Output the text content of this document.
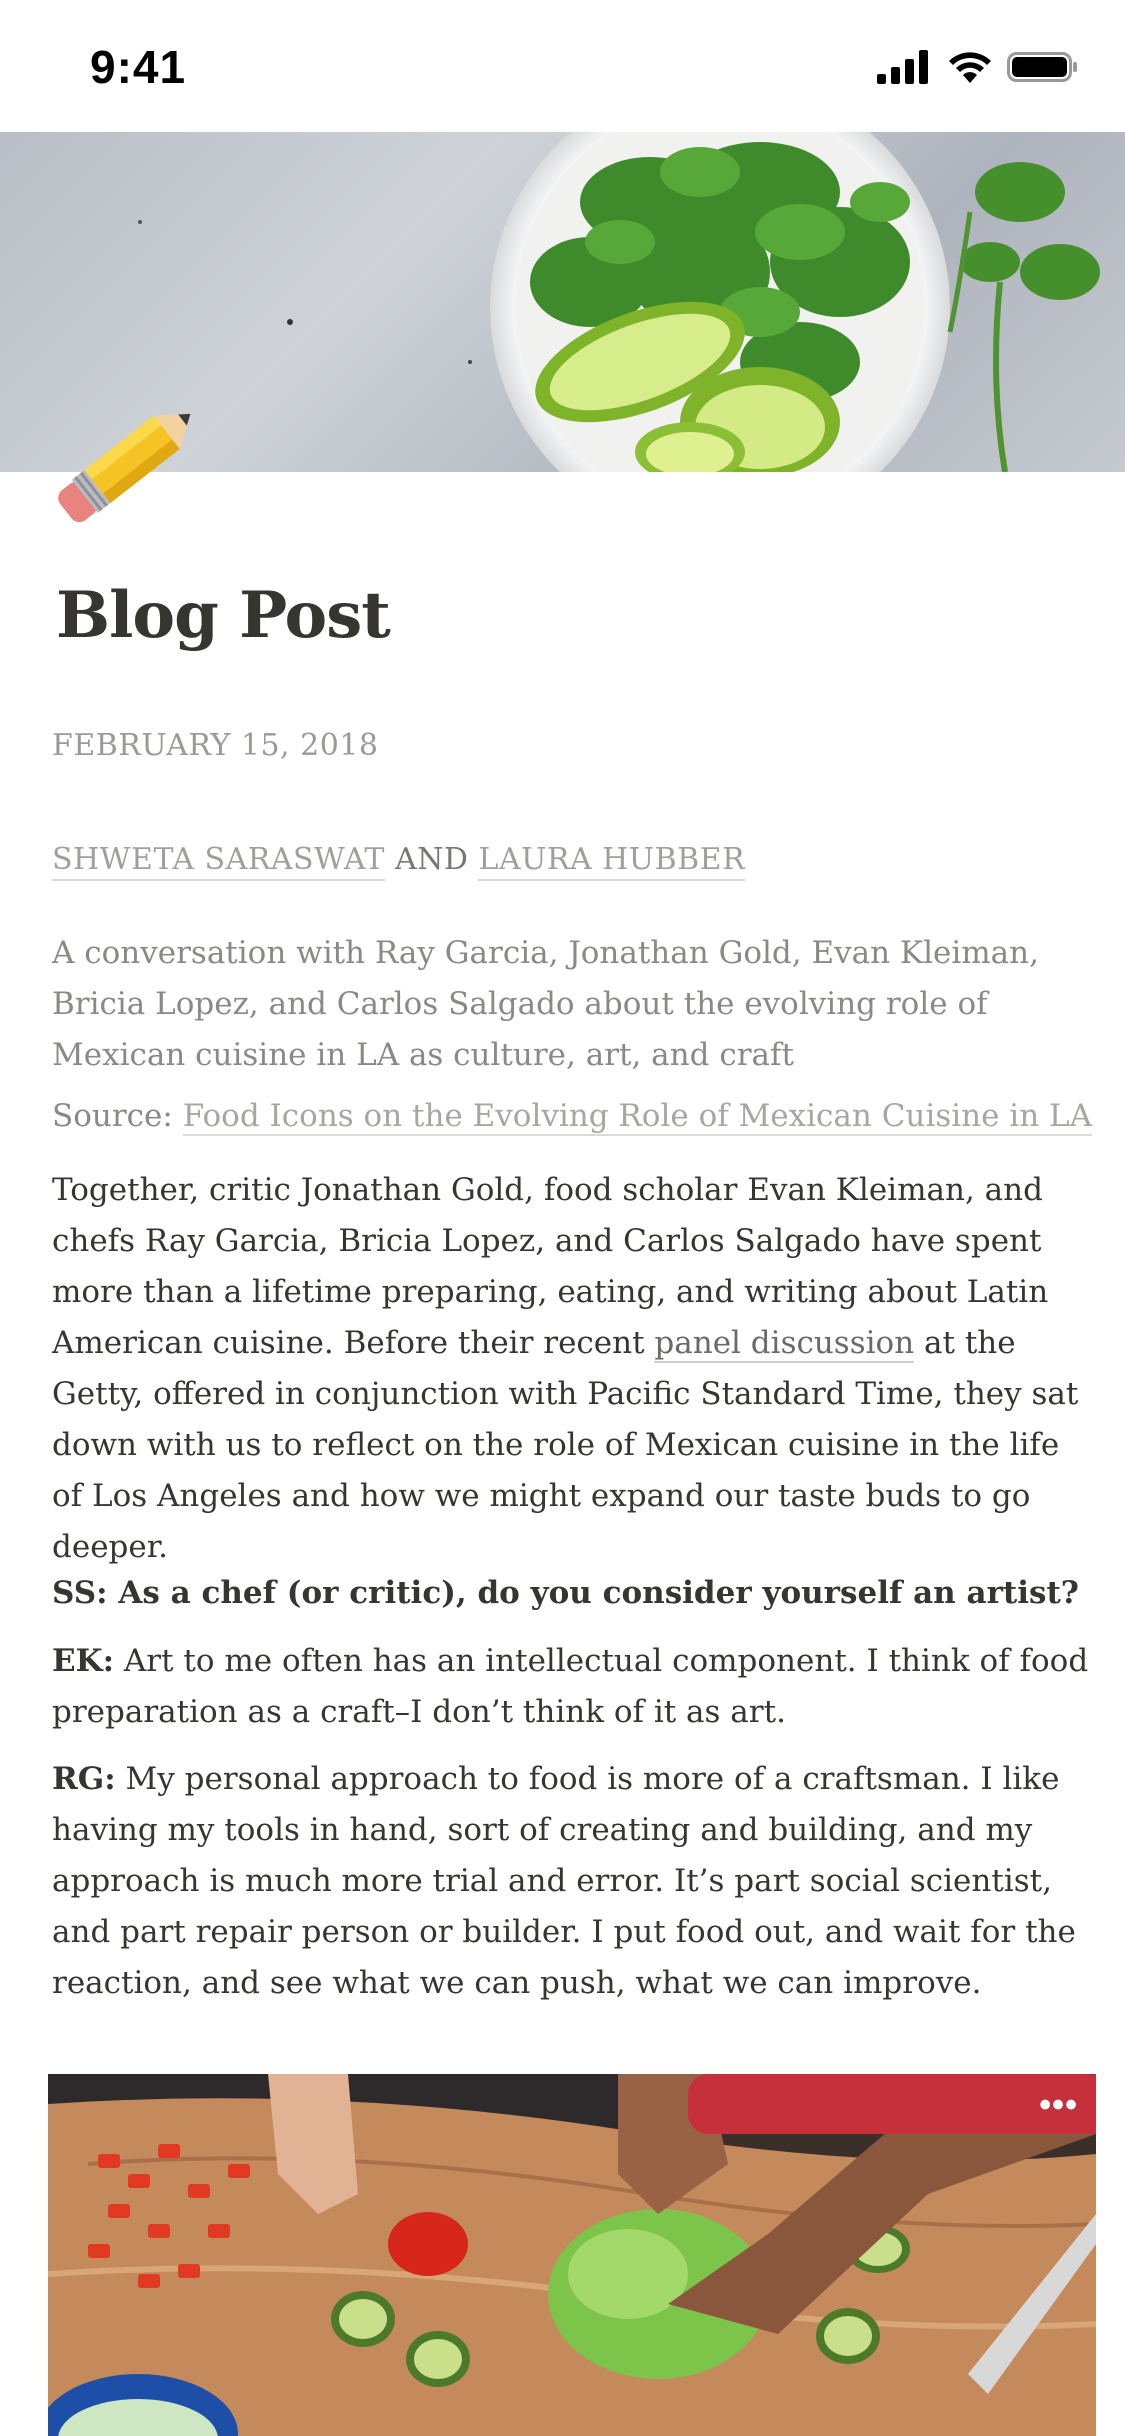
9:41
Blog Post
FEBRUARY 15, 2018
SHWETA SARASWAT AND LAURA HUBBER

A conversation with Ray Garcia, Jonathan Gold, Evan Kleiman, Bricia Lopez, and Carlos Salgado about the evolving role of Mexican cuisine in LA as culture, art, and craft

Source: Food Icons on the Evolving Role of Mexican Cuisine in LA

Together, critic Jonathan Gold, food scholar Evan Kleiman, and chefs Ray Garcia, Bricia Lopez, and Carlos Salgado have spent more than a lifetime preparing, eating, and writing about Latin American cuisine. Before their recent panel discussion at the Getty, offered in conjunction with Pacific Standard Time, they sat down with us to reflect on the role of Mexican cuisine in the life of Los Angeles and how we might expand our taste buds to go deeper.

SS: As a chef (or critic), do you consider yourself an artist?

EK: Art to me often has an intellectual component. I think of food preparation as a craft–I don’t think of it as art.

RG: My personal approach to food is more of a craftsman. I like having my tools in hand, sort of creating and building, and my approach is much more trial and error. It’s part social scientist, and part repair person or builder. I put food out, and wait for the reaction, and see what we can push, what we can improve.

•••
